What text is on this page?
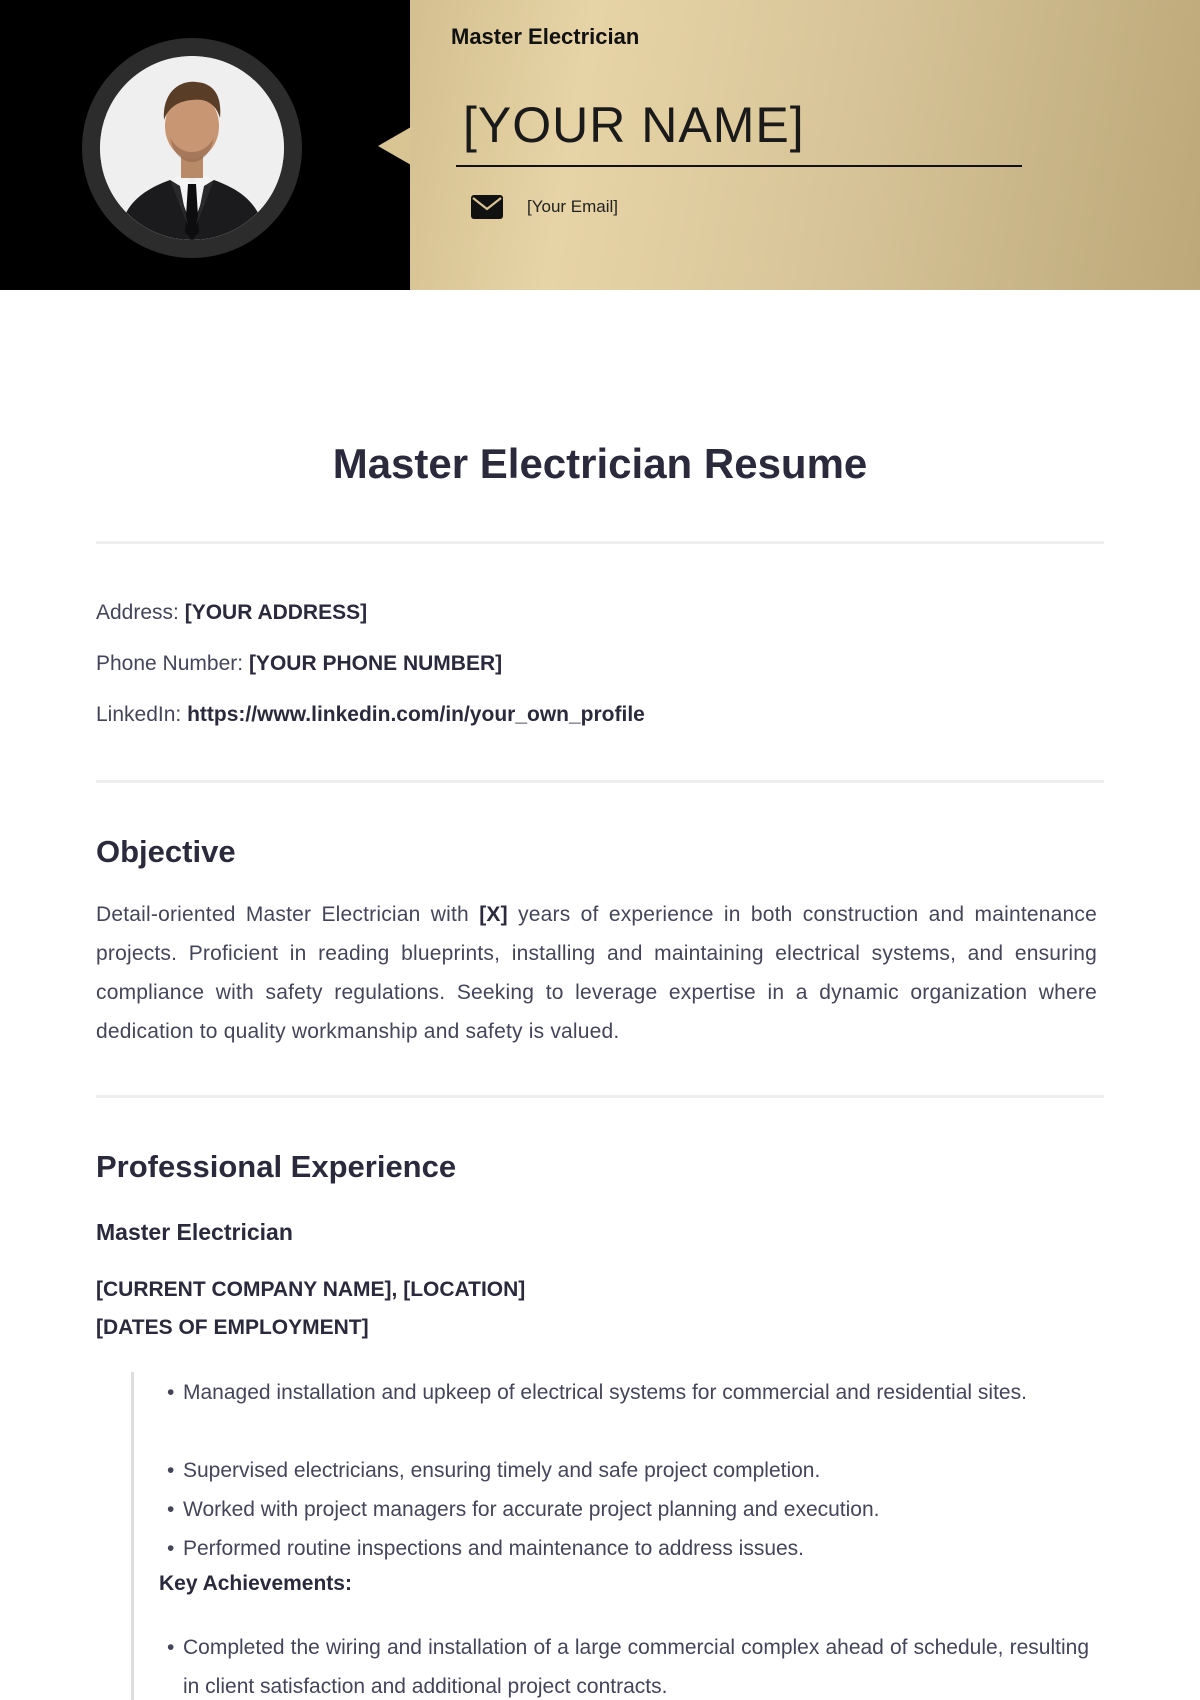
Master Electrician
[YOUR NAME]
[Your Email]
Master Electrician Resume
Address: [YOUR ADDRESS]
Phone Number: [YOUR PHONE NUMBER]
LinkedIn: https://www.linkedin.com/in/your_own_profile
Objective
Detail-oriented Master Electrician with [X] years of experience in both construction and maintenance projects. Proficient in reading blueprints, installing and maintaining electrical systems, and ensuring compliance with safety regulations. Seeking to leverage expertise in a dynamic organization where dedication to quality workmanship and safety is valued.
Professional Experience
Master Electrician
[CURRENT COMPANY NAME], [LOCATION]
[DATES OF EMPLOYMENT]
• Managed installation and upkeep of electrical systems for commercial and residential sites.
• Supervised electricians, ensuring timely and safe project completion.
• Worked with project managers for accurate project planning and execution.
• Performed routine inspections and maintenance to address issues.
Key Achievements:
• Completed the wiring and installation of a large commercial complex ahead of schedule, resulting in client satisfaction and additional project contracts.
